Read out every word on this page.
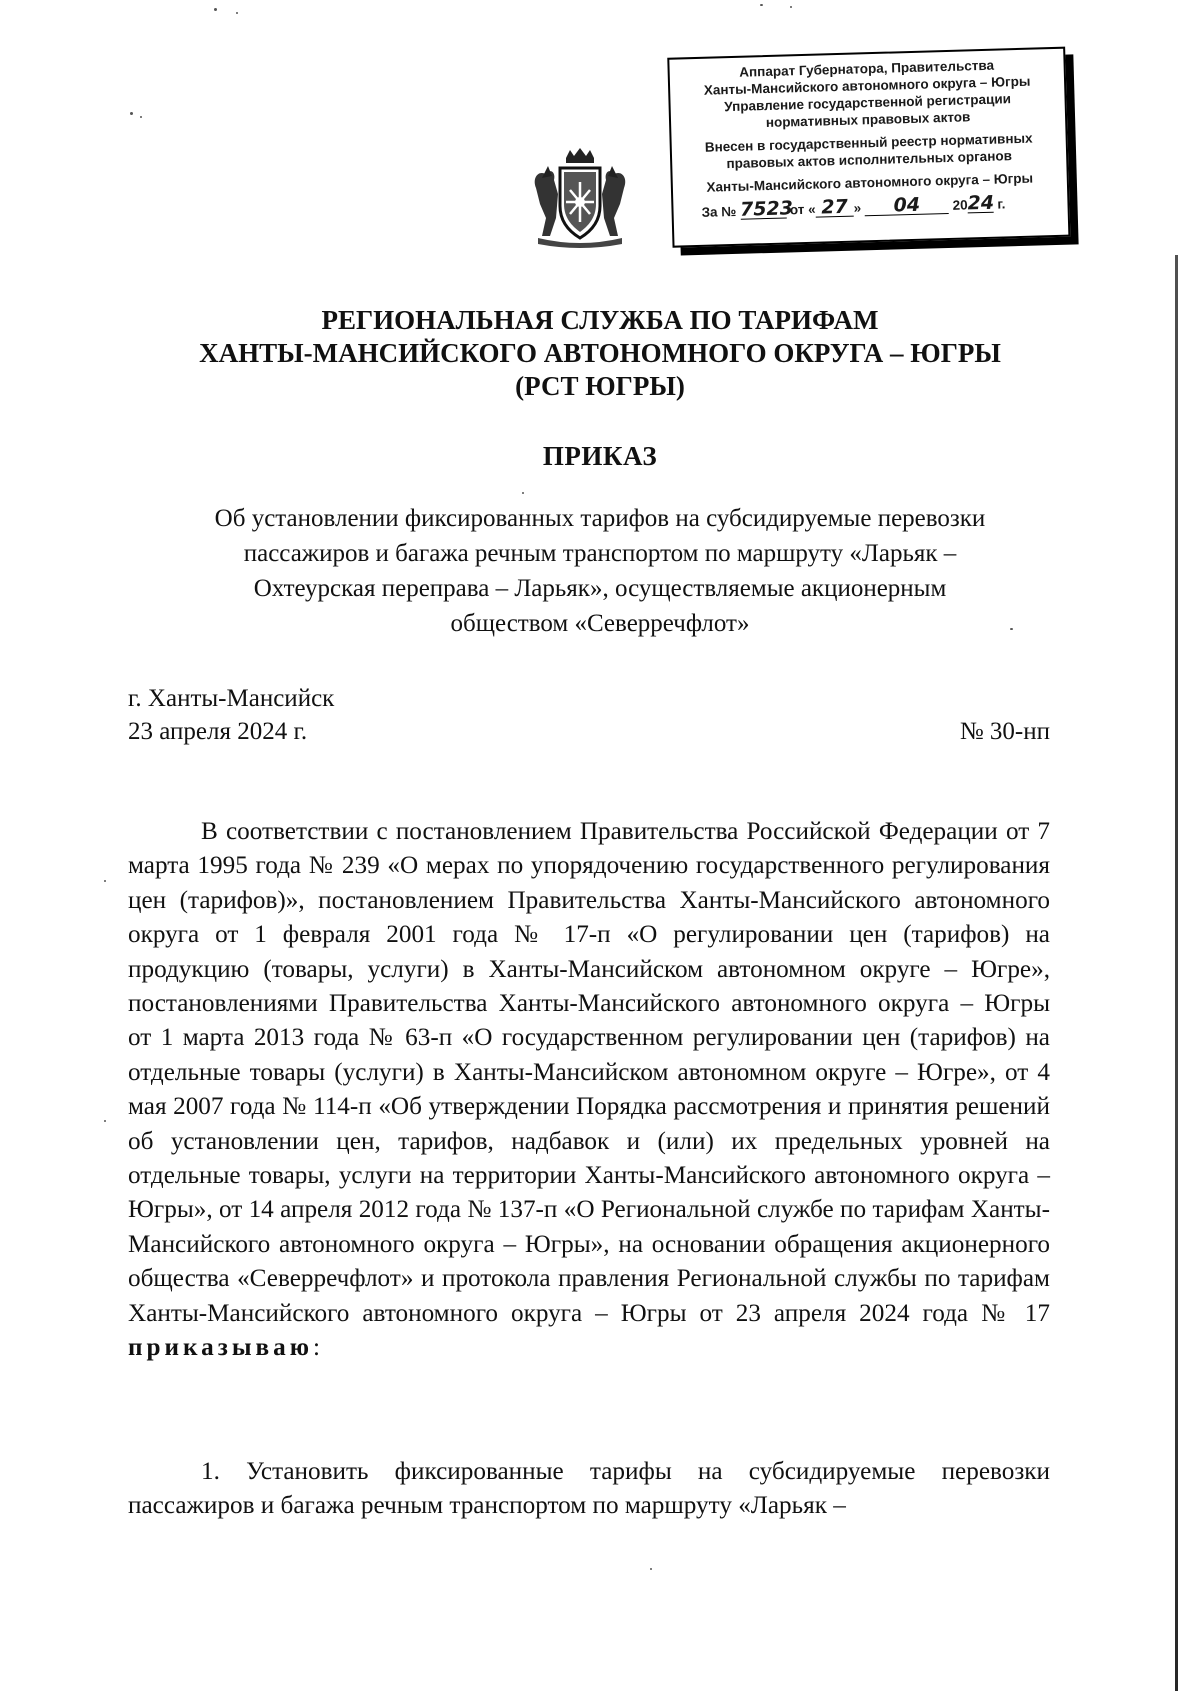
Аппарат Губернатора, Правительства
Ханты-Мансийского автономного округа – Югры
Управление государственной регистрации
нормативных правовых актов
Внесен в государственный реестр нормативных
правовых актов исполнительных органов
Ханты-Мансийского автономного округа – Югры
За № 7523 от « 27 » 04 2024 г.
РЕГИОНАЛЬНАЯ СЛУЖБА ПО ТАРИФАМ
ХАНТЫ-МАНСИЙСКОГО АВТОНОМНОГО ОКРУГА – ЮГРЫ
(РСТ ЮГРЫ)
ПРИКАЗ
Об установлении фиксированных тарифов на субсидируемые перевозки
пассажиров и багажа речным транспортом по маршруту «Ларьяк –
Охтеурская переправа – Ларьяк», осуществляемые акционерным
обществом «Северречфлот»
г. Ханты-Мансийск
23 апреля 2024 г.	№ 30-нп
В соответствии с постановлением Правительства Российской Федерации от 7 марта 1995 года № 239 «О мерах по упорядочению государственного регулирования цен (тарифов)», постановлением Правительства Ханты-Мансийского автономного округа от 1 февраля 2001 года № 17-п «О регулировании цен (тарифов) на продукцию (товары, услуги) в Ханты-Мансийском автономном округе – Югре», постановлениями Правительства Ханты-Мансийского автономного округа – Югры от 1 марта 2013 года № 63-п «О государственном регулировании цен (тарифов) на отдельные товары (услуги) в Ханты-Мансийском автономном округе – Югре», от 4 мая 2007 года № 114-п «Об утверждении Порядка рассмотрения и принятия решений об установлении цен, тарифов, надбавок и (или) их предельных уровней на отдельные товары, услуги на территории Ханты-Мансийского автономного округа – Югры», от 14 апреля 2012 года № 137-п «О Региональной службе по тарифам Ханты-Мансийского автономного округа – Югры», на основании обращения акционерного общества «Северречфлот» и протокола правления Региональной службы по тарифам Ханты-Мансийского автономного округа – Югры от 23 апреля 2024 года № 17 приказываю:
1. Установить фиксированные тарифы на субсидируемые перевозки пассажиров и багажа речным транспортом по маршруту «Ларьяк –
